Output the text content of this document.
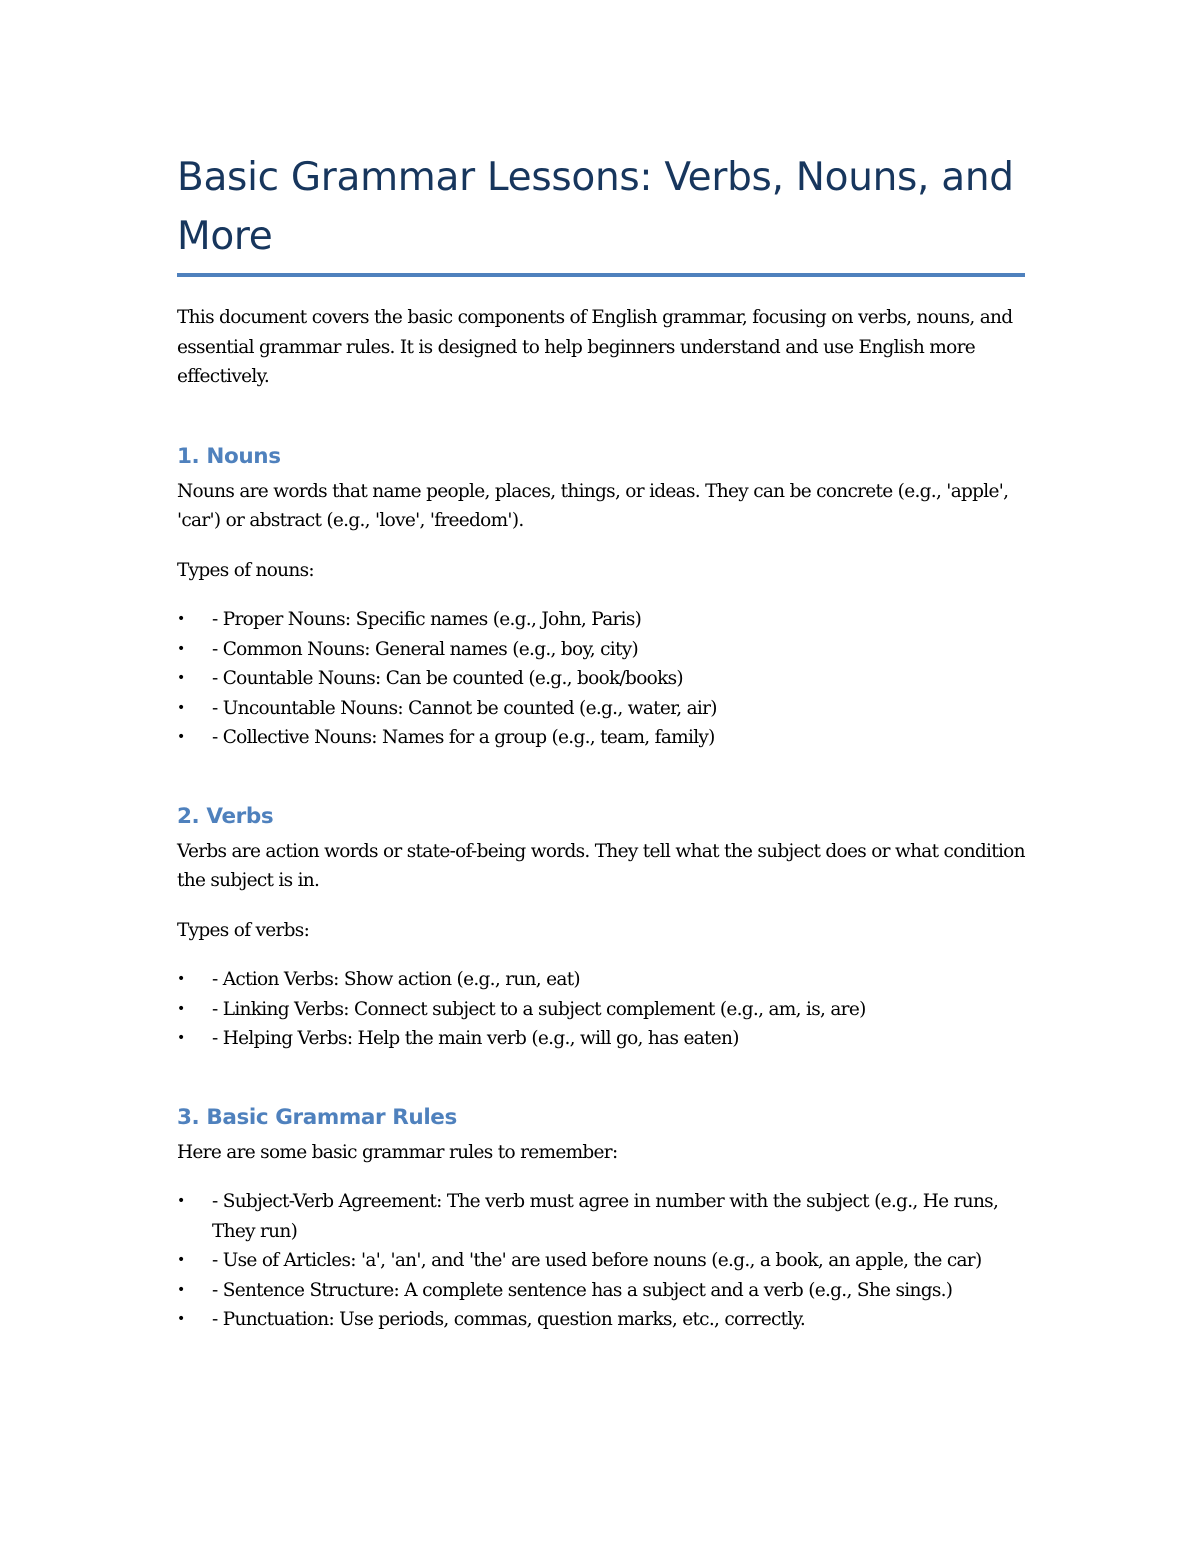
Basic Grammar Lessons: Verbs, Nouns, and More

This document covers the basic components of English grammar, focusing on verbs, nouns, and essential grammar rules. It is designed to help beginners understand and use English more effectively.

1. Nouns

Nouns are words that name people, places, things, or ideas. They can be concrete (e.g., 'apple', 'car') or abstract (e.g., 'love', 'freedom').

Types of nouns:

• - Proper Nouns: Specific names (e.g., John, Paris)
• - Common Nouns: General names (e.g., boy, city)
• - Countable Nouns: Can be counted (e.g., book/books)
• - Uncountable Nouns: Cannot be counted (e.g., water, air)
• - Collective Nouns: Names for a group (e.g., team, family)
2. Verbs

Verbs are action words or state-of-being words. They tell what the subject does or what condition the subject is in.

Types of verbs:

• - Action Verbs: Show action (e.g., run, eat)
• - Linking Verbs: Connect subject to a subject complement (e.g., am, is, are)
• - Helping Verbs: Help the main verb (e.g., will go, has eaten)
3. Basic Grammar Rules

Here are some basic grammar rules to remember:

• - Subject-Verb Agreement: The verb must agree in number with the subject (e.g., He runs, They run)
• - Use of Articles: 'a', 'an', and 'the' are used before nouns (e.g., a book, an apple, the car)
• - Sentence Structure: A complete sentence has a subject and a verb (e.g., She sings.)
• - Punctuation: Use periods, commas, question marks, etc., correctly.
